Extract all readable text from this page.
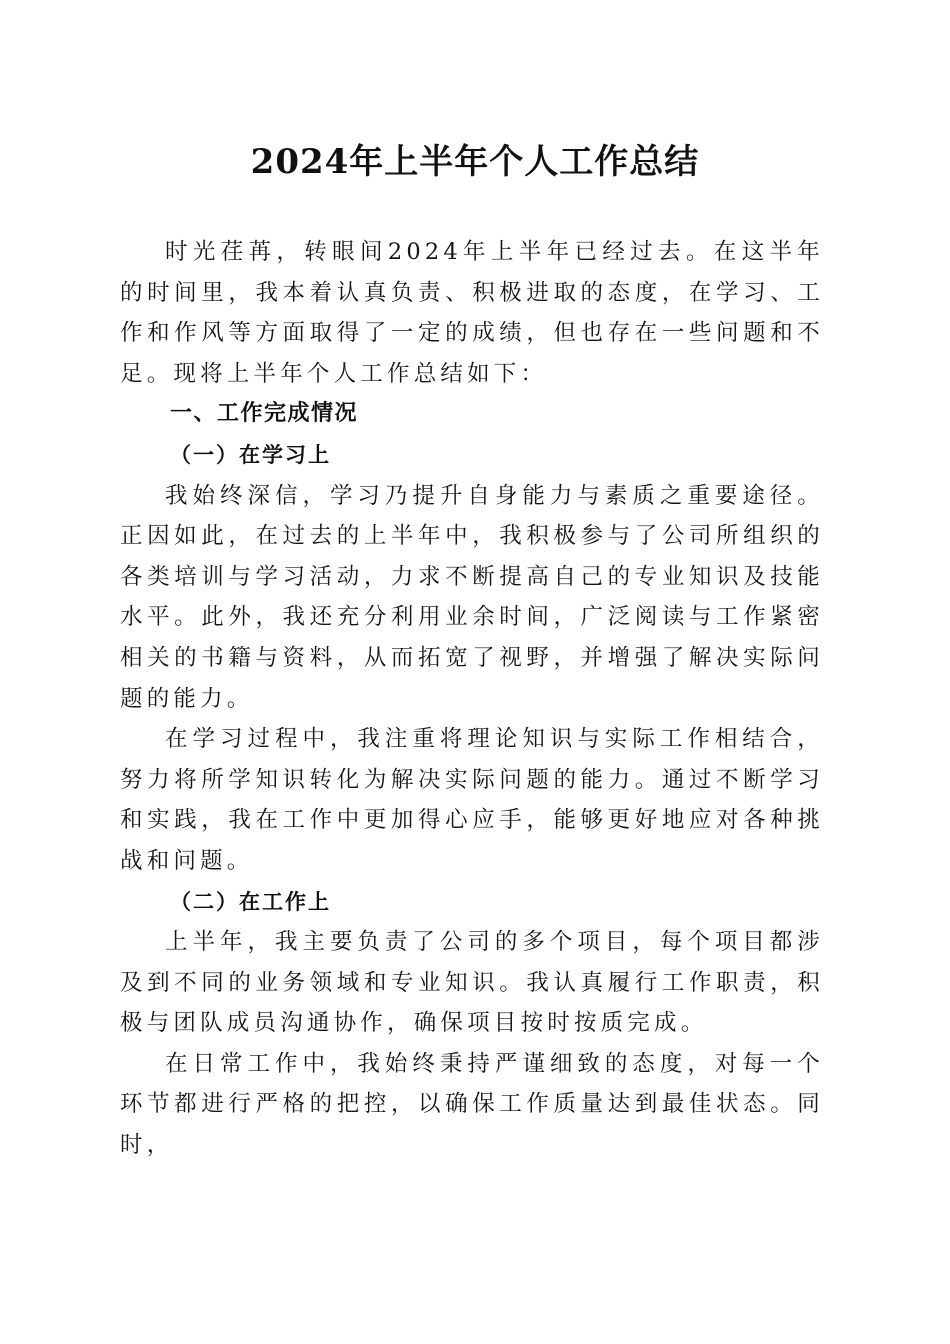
2024年上半年个人工作总结

时光荏苒，转眼间2024年上半年已经过去。在这半年的时间里，我本着认真负责、积极进取的态度，在学习、工作和作风等方面取得了一定的成绩，但也存在一些问题和不足。现将上半年个人工作总结如下：

一、工作完成情况
（一）在学习上

我始终深信，学习乃提升自身能力与素质之重要途径。正因如此，在过去的上半年中，我积极参与了公司所组织的各类培训与学习活动，力求不断提高自己的专业知识及技能水平。此外，我还充分利用业余时间，广泛阅读与工作紧密相关的书籍与资料，从而拓宽了视野，并增强了解决实际问题的能力。

在学习过程中，我注重将理论知识与实际工作相结合，努力将所学知识转化为解决实际问题的能力。通过不断学习和实践，我在工作中更加得心应手，能够更好地应对各种挑战和问题。

（二）在工作上

上半年，我主要负责了公司的多个项目，每个项目都涉及到不同的业务领域和专业知识。我认真履行工作职责，积极与团队成员沟通协作，确保项目按时按质完成。

在日常工作中，我始终秉持严谨细致的态度，对每一个环节都进行严格的把控，以确保工作质量达到最佳状态。同时，
